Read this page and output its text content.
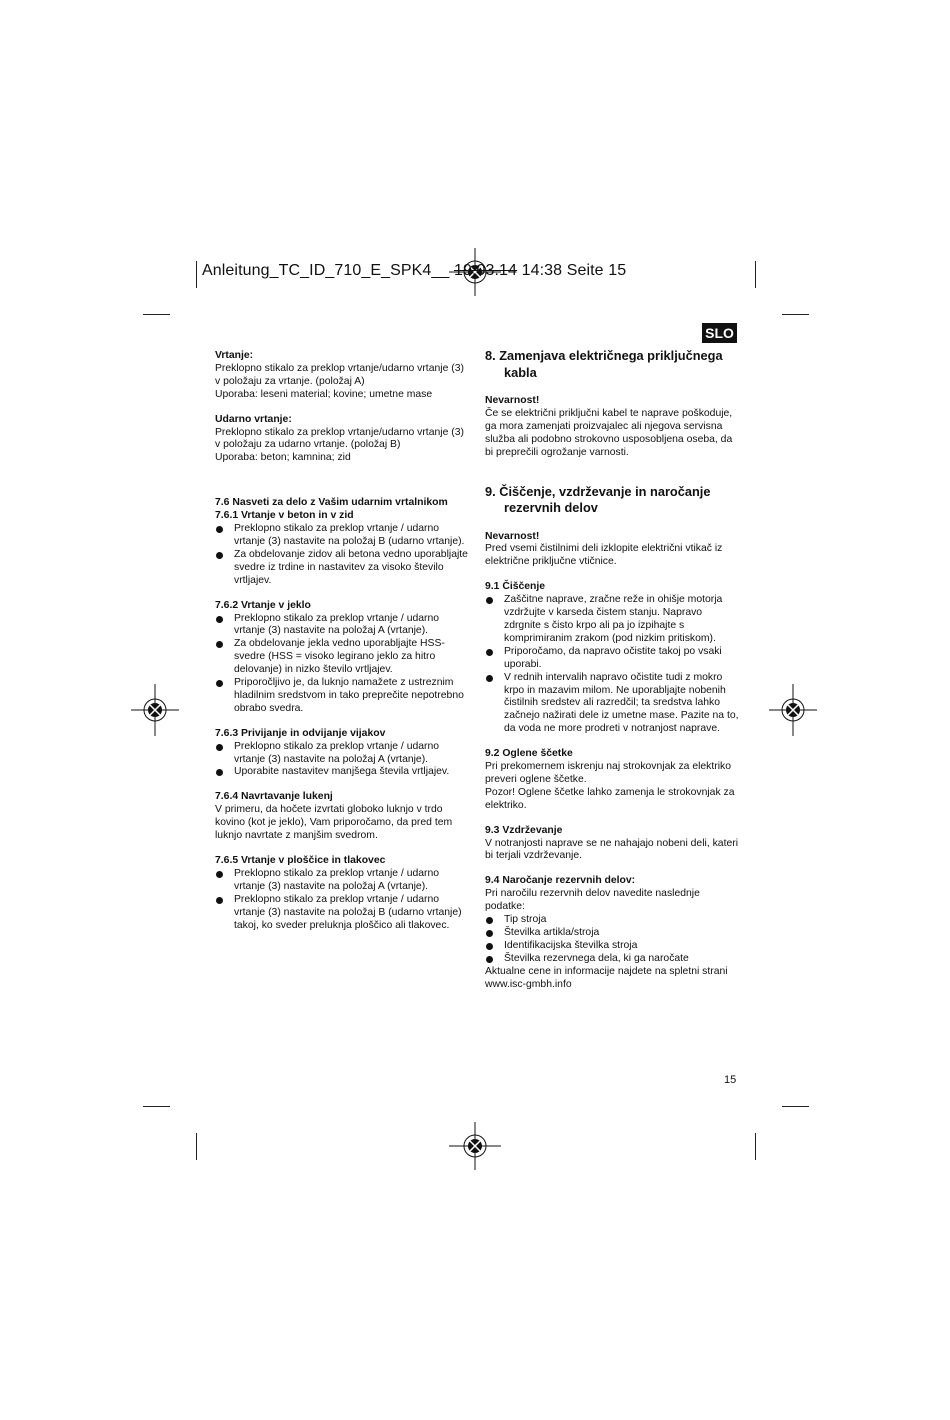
Anleitung_TC_ID_710_E_SPK4__ 19.03.14 14:38 Seite 15
SLO

Vrtanje:

Preklopno stikalo za preklop vrtanje/udarno vrtanje (3) v položaju za vrtanje. (položaj A)

Uporaba: leseni material; kovine; umetne mase

Udarno vrtanje:

Preklopno stikalo za preklop vrtanje/udarno vrtanje (3) v položaju za udarno vrtanje. (položaj B)

Uporaba: beton; kamnina; zid

7.6 Nasveti za delo z Vašim udarnim vrtalnikom

7.6.1 Vrtanje v beton in v zid

Preklopno stikalo za preklop vrtanje / udarno vrtanje (3) nastavite na položaj B (udarno vrtanje).
Za obdelovanje zidov ali betona vedno uporabljajte svedre iz trdine in nastavitev za visoko število vrtljajev.

7.6.2 Vrtanje v jeklo

Preklopno stikalo za preklop vrtanje / udarno vrtanje (3) nastavite na položaj A (vrtanje).
Za obdelovanje jekla vedno uporabljajte HSS-svedre (HSS = visoko legirano jeklo za hitro delovanje) in nizko število vrtljajev.
Priporočljivo je, da luknjo namažete z ustreznim hladilnim sredstvom in tako preprečite nepotrebno obrabo svedra.

7.6.3 Privijanje in odvijanje vijakov

Preklopno stikalo za preklop vrtanje / udarno vrtanje (3) nastavite na položaj A (vrtanje).
Uporabite nastavitev manjšega števila vrtljajev.

7.6.4 Navrtavanje lukenj

V primeru, da hočete izvrtati globoko luknjo v trdo kovino (kot je jeklo), Vam priporočamo, da pred tem luknjo navrtate z manjšim svedrom.

7.6.5 Vrtanje v ploščice in tlakovec

Preklopno stikalo za preklop vrtanje / udarno vrtanje (3) nastavite na položaj A (vrtanje).
Preklopno stikalo za preklop vrtanje / udarno vrtanje (3) nastavite na položaj B (udarno vrtanje) takoj, ko sveder preluknja ploščico ali tlakovec.

8. Zamenjava električnega priključnega kabla

Nevarnost!

Če se električni priključni kabel te naprave poškoduje, ga mora zamenjati proizvajalec ali njegova servisna služba ali podobno strokovno usposobljena oseba, da bi preprečili ogrožanje varnosti.

9. Čiščenje, vzdrževanje in naročanje rezervnih delov

Nevarnost!

Pred vsemi čistilnimi deli izklopite električni vtikač iz električne priključne vtičnice.

9.1 Čiščenje

Zaščitne naprave, zračne reže in ohišje motorja vzdržujte v karseda čistem stanju. Napravo zdrgnite s čisto krpo ali pa jo izpihajte s komprimiranim zrakom (pod nizkim pritiskom).
Priporočamo, da napravo očistite takoj po vsaki uporabi.
V rednih intervalih napravo očistite tudi z mokro krpo in mazavim milom. Ne uporabljajte nobenih čistilnih sredstev ali razredčil; ta sredstva lahko začnejo nažirati dele iz umetne mase. Pazite na to, da voda ne more prodreti v notranjost naprave.

9.2 Oglene ščetke

Pri prekomernem iskrenju naj strokovnjak za elektriko preveri oglene ščetke.

Pozor! Oglene ščetke lahko zamenja le strokovnjak za elektriko.

9.3 Vzdrževanje

V notranjosti naprave se ne nahajajo nobeni deli, kateri bi terjali vzdrževanje.

9.4 Naročanje rezervnih delov:

Pri naročilu rezervnih delov navedite naslednje podatke:

Tip stroja
Številka artikla/stroja
Identifikacijska številka stroja
Številka rezervnega dela, ki ga naročate

Aktualne cene in informacije najdete na spletni strani

www.isc-gmbh.info

15
